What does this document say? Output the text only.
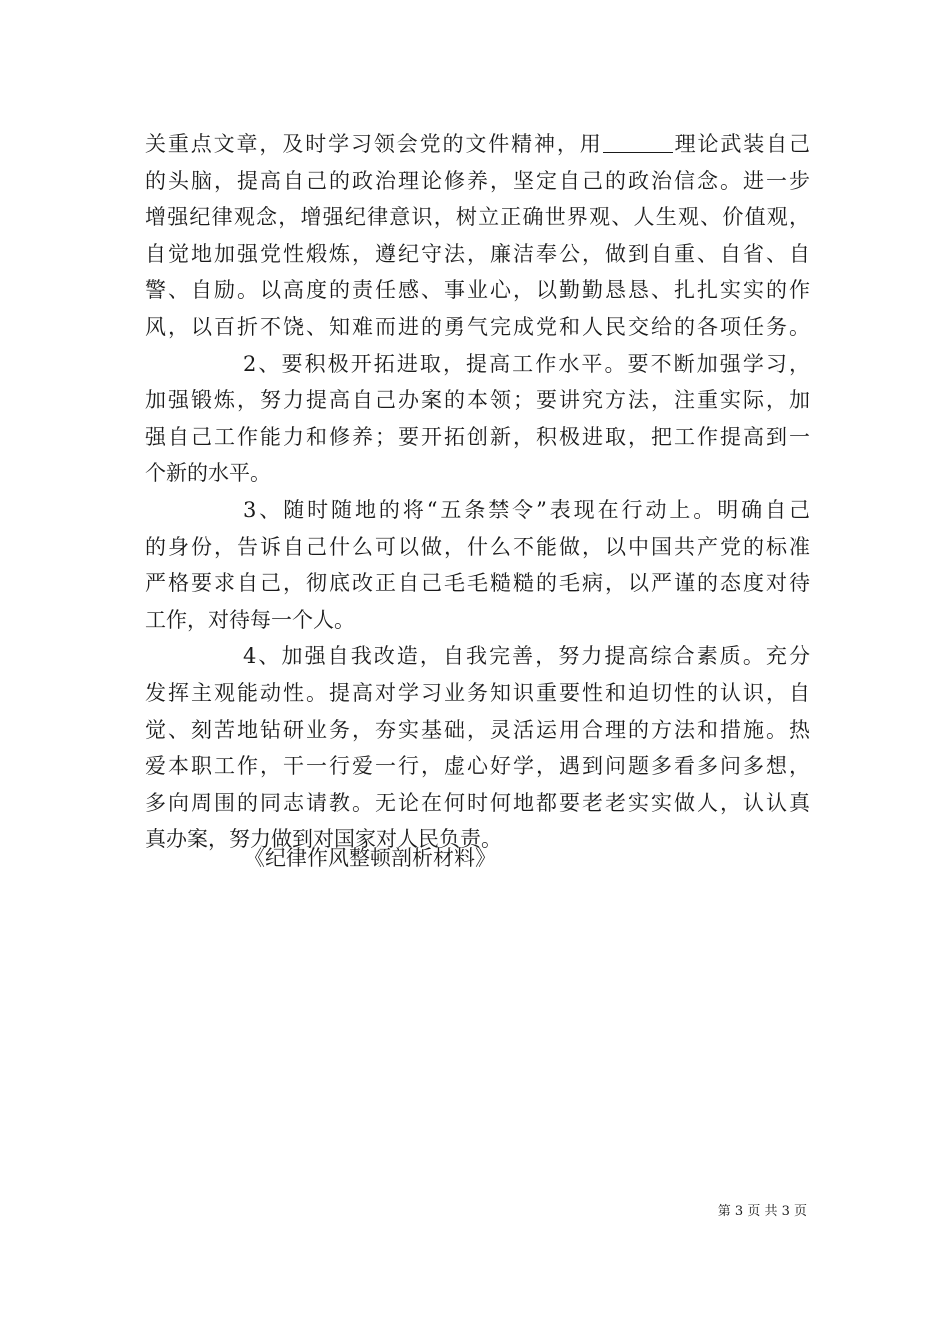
关重点文章，及时学习领会党的文件精神，用	理论武装自己
的头脑，提高自己的政治理论修养，坚定自己的政治信念。进一步
增强纪律观念，增强纪律意识，树立正确世界观、人生观、价值观，
自觉地加强党性煅炼，遵纪守法，廉洁奉公，做到自重、自省、自
警、自励。以高度的责任感、事业心，以勤勤恳恳、扎扎实实的作
风，以百折不饶、知难而进的勇气完成党和人民交给的各项任务。
2、要积极开拓进取，提高工作水平。要不断加强学习，
加强锻炼，努力提高自己办案的本领；要讲究方法，注重实际，加
强自己工作能力和修养；要开拓创新，积极进取，把工作提高到一
个新的水平。
3、随时随地的将“五条禁令”表现在行动上。明确自己
的身份，告诉自己什么可以做，什么不能做，以中国共产党的标准
严格要求自己，彻底改正自己毛毛糙糙的毛病，以严谨的态度对待
工作，对待每一个人。
4、加强自我改造，自我完善，努力提高综合素质。充分
发挥主观能动性。提高对学习业务知识重要性和迫切性的认识，自
觉、刻苦地钻研业务，夯实基础，灵活运用合理的方法和措施。热
爱本职工作，干一行爱一行，虚心好学，遇到问题多看多问多想，
多向周围的同志请教。无论在何时何地都要老老实实做人，认认真
真办案，努力做到对国家对人民负责。
《纪律作风整顿剖析材料》
第 3 页 共 3 页
